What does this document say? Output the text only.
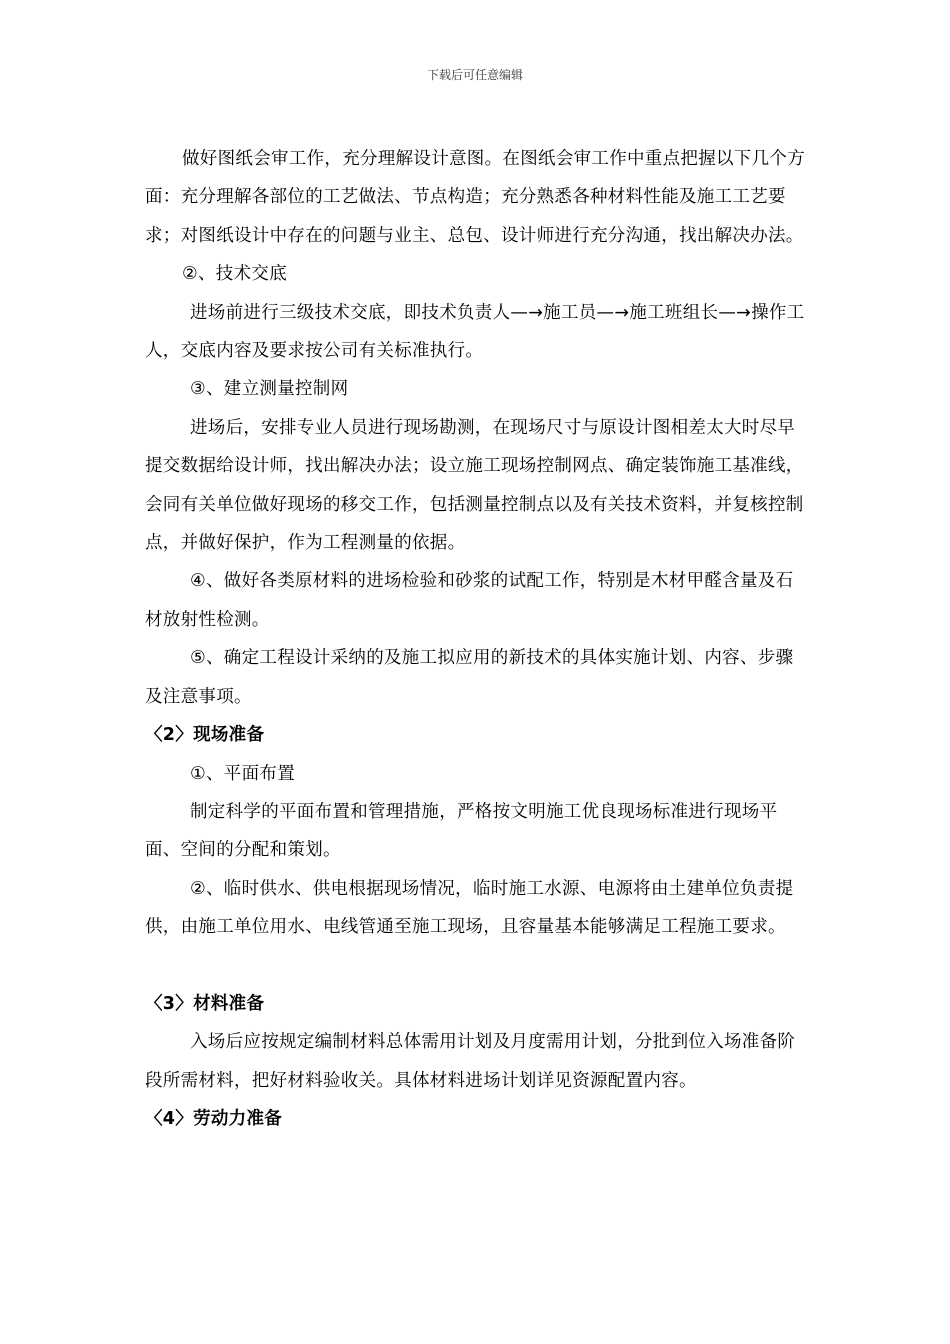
下载后可任意编辑

做好图纸会审工作，充分理解设计意图。在图纸会审工作中重点把握以下几个方面：充分理解各部位的工艺做法、节点构造；充分熟悉各种材料性能及施工工艺要求；对图纸设计中存在的问题与业主、总包、设计师进行充分沟通，找出解决办法。

②、技术交底

进场前进行三级技术交底，即技术负责人—→施工员—→施工班组长—→操作工人，交底内容及要求按公司有关标准执行。

③、建立测量控制网

进场后，安排专业人员进行现场勘测，在现场尺寸与原设计图相差太大时尽早提交数据给设计师，找出解决办法；设立施工现场控制网点、确定装饰施工基准线，会同有关单位做好现场的移交工作，包括测量控制点以及有关技术资料，并复核控制点，并做好保护，作为工程测量的依据。

④、做好各类原材料的进场检验和砂浆的试配工作，特别是木材甲醛含量及石材放射性检测。

⑤、确定工程设计采纳的及施工拟应用的新技术的具体实施计划、内容、步骤及注意事项。

〈2〉现场准备

①、平面布置

制定科学的平面布置和管理措施，严格按文明施工优良现场标准进行现场平面、空间的分配和策划。

②、临时供水、供电根据现场情况，临时施工水源、电源将由土建单位负责提供，由施工单位用水、电线管通至施工现场，且容量基本能够满足工程施工要求。

〈3〉材料准备

入场后应按规定编制材料总体需用计划及月度需用计划，分批到位入场准备阶段所需材料，把好材料验收关。具体材料进场计划详见资源配置内容。

〈4〉劳动力准备
